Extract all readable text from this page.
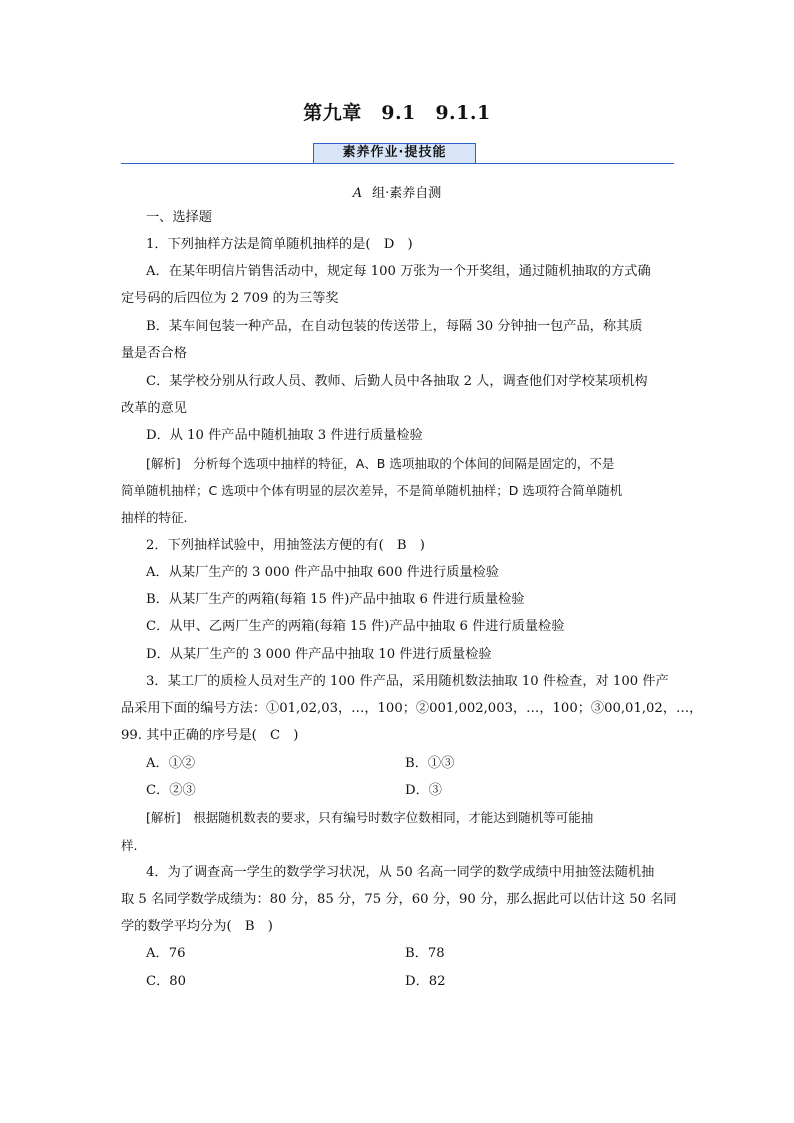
第九章　9.1　9.1.1
素养作业·提技能
A 组·素养自测
一、选择题
1．下列抽样方法是简单随机抽样的是(　D　)
A．在某年明信片销售活动中，规定每 100 万张为一个开奖组，通过随机抽取的方式确
定号码的后四位为 2 709 的为三等奖
B．某车间包装一种产品，在自动包装的传送带上，每隔 30 分钟抽一包产品，称其质
量是否合格
C．某学校分别从行政人员、教师、后勤人员中各抽取 2 人，调查他们对学校某项机构
改革的意见
D．从 10 件产品中随机抽取 3 件进行质量检验
[解析]　分析每个选项中抽样的特征，A、B 选项抽取的个体间的间隔是固定的，不是
简单随机抽样；C 选项中个体有明显的层次差异，不是简单随机抽样；D 选项符合简单随机
抽样的特征.
2．下列抽样试验中，用抽签法方便的有(　B　)
A．从某厂生产的 3 000 件产品中抽取 600 件进行质量检验
B．从某厂生产的两箱(每箱 15 件)产品中抽取 6 件进行质量检验
C．从甲、乙两厂生产的两箱(每箱 15 件)产品中抽取 6 件进行质量检验
D．从某厂生产的 3 000 件产品中抽取 10 件进行质量检验
3．某工厂的质检人员对生产的 100 件产品，采用随机数法抽取 10 件检查，对 100 件产
品采用下面的编号方法：①01,02,03，…，100；②001,002,003，…，100；③00,01,02，…，
99. 其中正确的序号是(　C　)
A．①②	B．①③
C．②③	D．③
[解析]　根据随机数表的要求，只有编号时数字位数相同，才能达到随机等可能抽
样.
4．为了调查高一学生的数学学习状况，从 50 名高一同学的数学成绩中用抽签法随机抽
取 5 名同学数学成绩为：80 分，85 分，75 分，60 分，90 分，那么据此可以估计这 50 名同
学的数学平均分为(　B　)
A．76	B．78
C．80	D．82
